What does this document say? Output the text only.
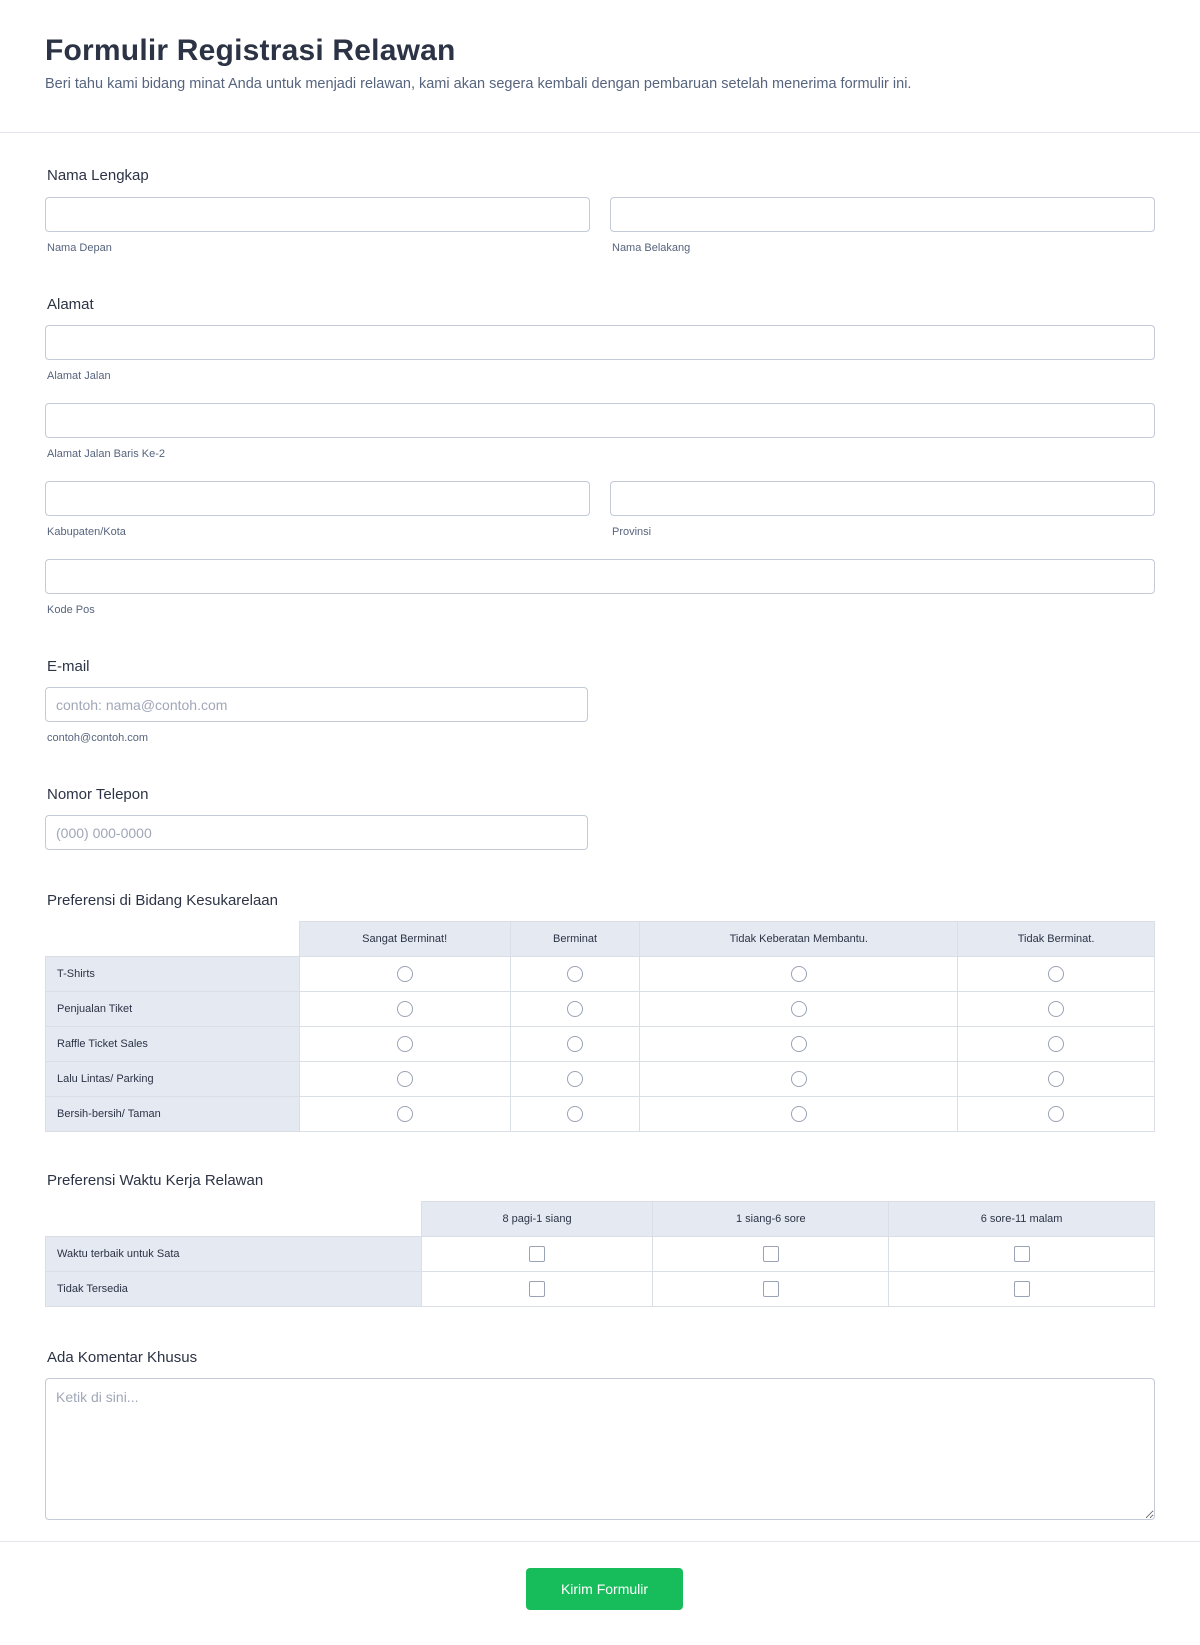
Formulir Registrasi Relawan

Beri tahu kami bidang minat Anda untuk menjadi relawan, kami akan segera kembali dengan pembaruan setelah menerima formulir ini.

Nama Lengkap
Nama Depan	Nama Belakang
Alamat
Alamat Jalan
Alamat Jalan Baris Ke-2
Kabupaten/Kota	Provinsi
Kode Pos
E-mail
contoh: nama@contoh.com
contoh@contoh.com
Nomor Telepon
(000) 000-0000
Preferensi di Bidang Kesukarelaan
	Sangat Berminat!	Berminat	Tidak Keberatan Membantu.	Tidak Berminat.
T-Shirts				
Penjualan Tiket				
Raffle Ticket Sales				
Lalu Lintas/ Parking				
Bersih-bersih/ Taman				
Preferensi Waktu Kerja Relawan
	8 pagi-1 siang	1 siang-6 sore	6 sore-11 malam
Waktu terbaik untuk Sata			
Tidak Tersedia			
Ada Komentar Khusus
Ketik di sini...
Kirim Formulir
